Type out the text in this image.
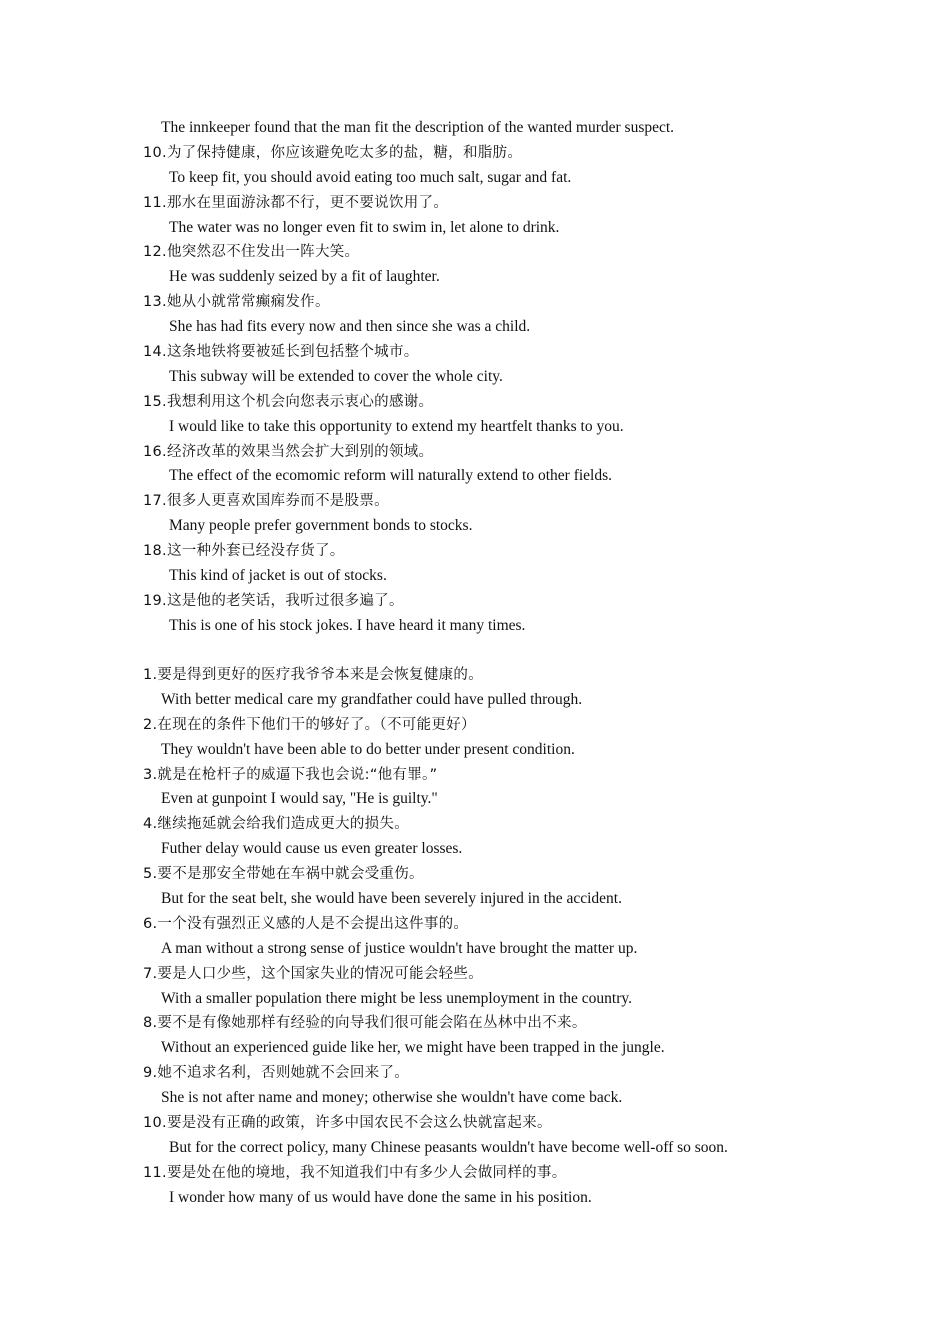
The innkeeper found that the man fit the description of the wanted murder suspect.
10.为了保持健康，你应该避免吃太多的盐，糖，和脂肪。
To keep fit, you should avoid eating too much salt, sugar and fat.
11.那水在里面游泳都不行，更不要说饮用了。
The water was no longer even fit to swim in, let alone to drink.
12.他突然忍不住发出一阵大笑。
He was suddenly seized by a fit of laughter.
13.她从小就常常癫痫发作。
She has had fits every now and then since she was a child.
14.这条地铁将要被延长到包括整个城市。
This subway will be extended to cover the whole city.
15.我想利用这个机会向您表示衷心的感谢。
I would like to take this opportunity to extend my heartfelt thanks to you.
16.经济改革的效果当然会扩大到别的领域。
The effect of the ecomomic reform will naturally extend to other fields.
17.很多人更喜欢国库券而不是股票。
Many people prefer government bonds to stocks.
18.这一种外套已经没存货了。
This kind of jacket is out of stocks.
19.这是他的老笑话，我听过很多遍了。
This is one of his stock jokes. I have heard it many times.
1.要是得到更好的医疗我爷爷本来是会恢复健康的。
With better medical care my grandfather could have pulled through.
2.在现在的条件下他们干的够好了。（不可能更好）
They wouldn't have been able to do better under present condition.
3.就是在枪杆子的威逼下我也会说:“他有罪。”
Even at gunpoint I would say, "He is guilty."
4.继续拖延就会给我们造成更大的损失。
Futher delay would cause us even greater losses.
5.要不是那安全带她在车祸中就会受重伤。
But for the seat belt, she would have been severely injured in the accident.
6.一个没有强烈正义感的人是不会提出这件事的。
A man without a strong sense of justice wouldn't have brought the matter up.
7.要是人口少些，这个国家失业的情况可能会轻些。
With a smaller population there might be less unemployment in the country.
8.要不是有像她那样有经验的向导我们很可能会陷在丛林中出不来。
Without an experienced guide like her, we might have been trapped in the jungle.
9.她不追求名利，否则她就不会回来了。
She is not after name and money; otherwise she wouldn't have come back.
10.要是没有正确的政策，许多中国农民不会这么快就富起来。
But for the correct policy, many Chinese peasants wouldn't have become well-off so soon.
11.要是处在他的境地，我不知道我们中有多少人会做同样的事。
I wonder how many of us would have done the same in his position.
